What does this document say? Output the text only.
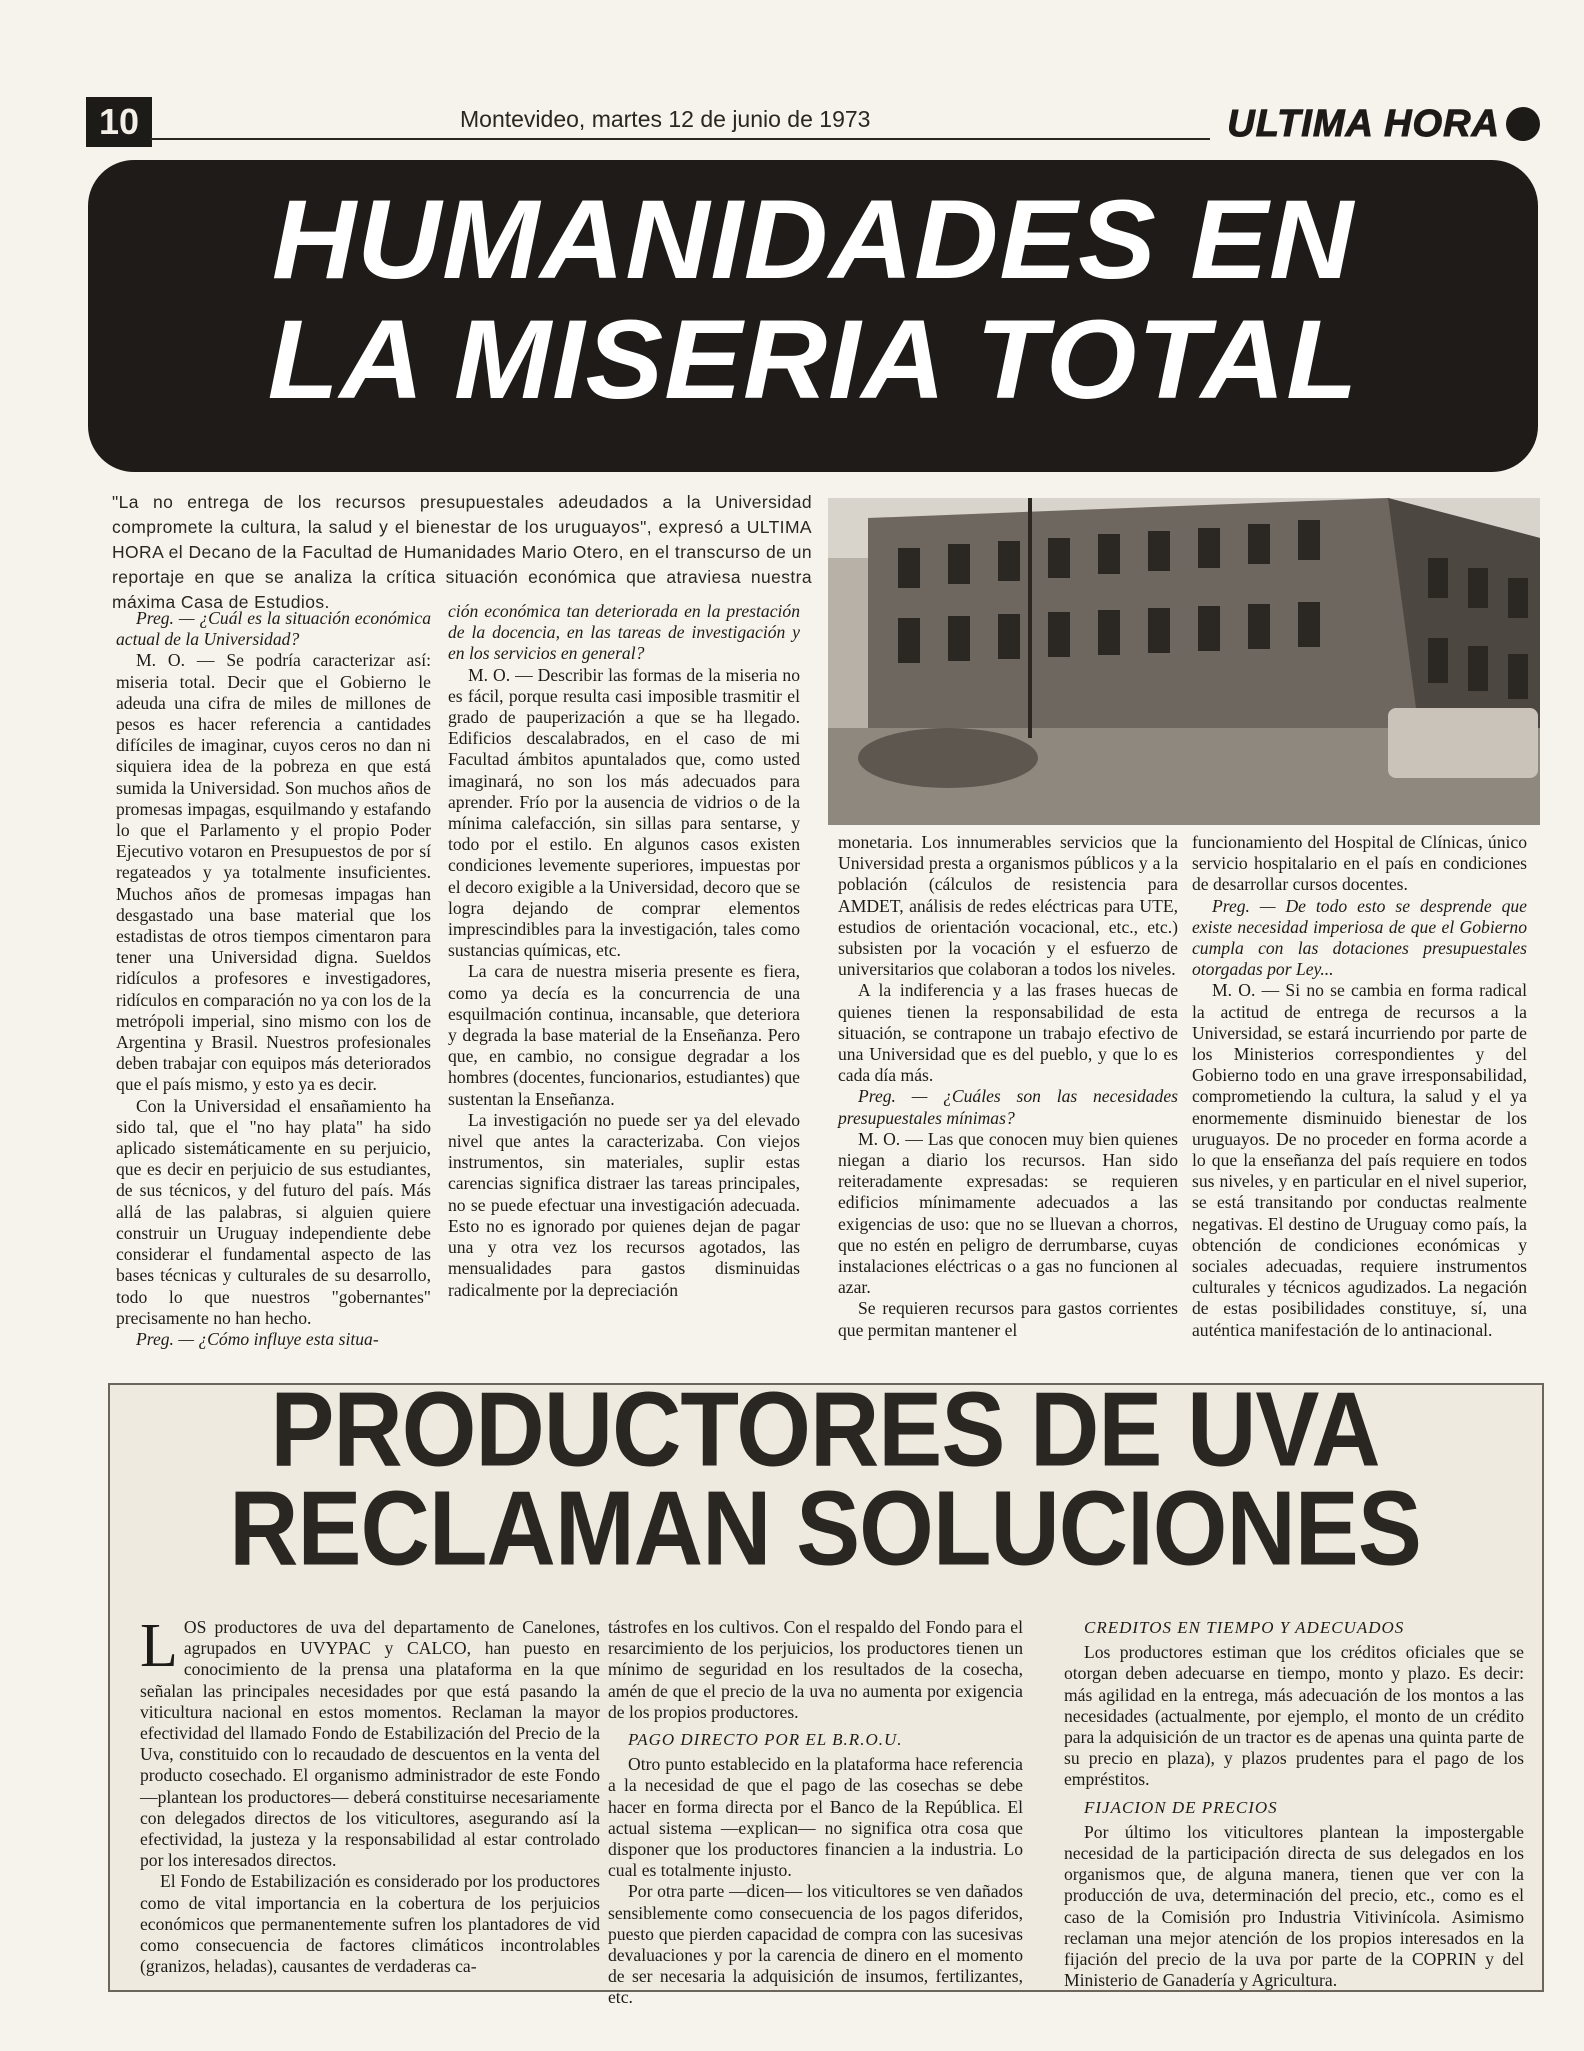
10	Montevideo, martes 12 de junio de 1973	ULTIMA HORA
HUMANIDADES EN
LA MISERIA TOTAL
"La no entrega de los recursos presupuestales adeudados a la Universidad compromete la cultura, la salud y el bienestar de los uruguayos", expresó a ULTIMA HORA el Decano de la Facultad de Humanidades Mario Otero, en el transcurso de un reportaje en que se analiza la crítica situación económica que atraviesa nuestra máxima Casa de Estudios.

Preg. — ¿Cuál es la situación económica actual de la Universidad?

M. O. — Se podría caracterizar así: miseria total. Decir que el Gobierno le adeuda una cifra de miles de millones de pesos es hacer referencia a cantidades difíciles de imaginar, cuyos ceros no dan ni siquiera idea de la pobreza en que está sumida la Universidad. Son muchos años de promesas impagas, esquilmando y estafando lo que el Parlamento y el propio Poder Ejecutivo votaron en Presupuestos de por sí regateados y ya totalmente insuficientes. Muchos años de promesas impagas han desgastado una base material que los estadistas de otros tiempos cimentaron para tener una Universidad digna. Sueldos ridículos a profesores e investigadores, ridículos en comparación no ya con los de la metrópoli imperial, sino mismo con los de Argentina y Brasil. Nuestros profesionales deben trabajar con equipos más deteriorados que el país mismo, y esto ya es decir.

Con la Universidad el ensañamiento ha sido tal, que el "no hay plata" ha sido aplicado sistemáticamente en su perjuicio, que es decir en perjuicio de sus estudiantes, de sus técnicos, y del futuro del país. Más allá de las palabras, si alguien quiere construir un Uruguay independiente debe considerar el fundamental aspecto de las bases técnicas y culturales de su desarrollo, todo lo que nuestros "gobernantes" precisamente no han hecho.

Preg. — ¿Cómo influye esta situa-

ción económica tan deteriorada en la prestación de la docencia, en las tareas de investigación y en los servicios en general?

M. O. — Describir las formas de la miseria no es fácil, porque resulta casi imposible trasmitir el grado de pauperización a que se ha llegado. Edificios descalabrados, en el caso de mi Facultad ámbitos apuntalados que, como usted imaginará, no son los más adecuados para aprender. Frío por la ausencia de vidrios o de la mínima calefacción, sin sillas para sentarse, y todo por el estilo. En algunos casos existen condiciones levemente superiores, impuestas por el decoro exigible a la Universidad, decoro que se logra dejando de comprar elementos imprescindibles para la investigación, tales como sustancias químicas, etc.

La cara de nuestra miseria presente es fiera, como ya decía es la concurrencia de una esquilmación continua, incansable, que deteriora y degrada la base material de la Enseñanza. Pero que, en cambio, no consigue degradar a los hombres (docentes, funcionarios, estudiantes) que sustentan la Enseñanza.

La investigación no puede ser ya del elevado nivel que antes la caracterizaba. Con viejos instrumentos, sin materiales, suplir estas carencias significa distraer las tareas principales, no se puede efectuar una investigación adecuada. Esto no es ignorado por quienes dejan de pagar una y otra vez los recursos agotados, las mensualidades para gastos disminuidas radicalmente por la depreciación

monetaria. Los innumerables servicios que la Universidad presta a organismos públicos y a la población (cálculos de resistencia para AMDET, análisis de redes eléctricas para UTE, estudios de orientación vocacional, etc., etc.) subsisten por la vocación y el esfuerzo de universitarios que colaboran a todos los niveles.

A la indiferencia y a las frases huecas de quienes tienen la responsabilidad de esta situación, se contrapone un trabajo efectivo de una Universidad que es del pueblo, y que lo es cada día más.

Preg. — ¿Cuáles son las necesidades presupuestales mínimas?

M. O. — Las que conocen muy bien quienes niegan a diario los recursos. Han sido reiteradamente expresadas: se requieren edificios mínimamente adecuados a las exigencias de uso: que no se lluevan a chorros, que no estén en peligro de derrumbarse, cuyas instalaciones eléctricas o a gas no funcionen al azar.

Se requieren recursos para gastos corrientes que permitan mantener el

funcionamiento del Hospital de Clínicas, único servicio hospitalario en el país en condiciones de desarrollar cursos docentes.

Preg. — De todo esto se desprende que existe necesidad imperiosa de que el Gobierno cumpla con las dotaciones presupuestales otorgadas por Ley...

M. O. — Si no se cambia en forma radical la actitud de entrega de recursos a la Universidad, se estará incurriendo por parte de los Ministerios correspondientes y del Gobierno todo en una grave irresponsabilidad, comprometiendo la cultura, la salud y el ya enormemente disminuido bienestar de los uruguayos. De no proceder en forma acorde a lo que la enseñanza del país requiere en todos sus niveles, y en particular en el nivel superior, se está transitando por conductas realmente negativas. El destino de Uruguay como país, la obtención de condiciones económicas y sociales adecuadas, requiere instrumentos culturales y técnicos agudizados. La negación de estas posibilidades constituye, sí, una auténtica manifestación de lo antinacional.

PRODUCTORES DE UVA
RECLAMAN SOLUCIONES

LOS productores de uva del departamento de Canelones, agrupados en UVYPAC y CALCO, han puesto en conocimiento de la prensa una plataforma en la que señalan las principales necesidades por que está pasando la viticultura nacional en estos momentos. Reclaman la mayor efectividad del llamado Fondo de Estabilización del Precio de la Uva, constituido con lo recaudado de descuentos en la venta del producto cosechado. El organismo administrador de este Fondo —plantean los productores— deberá constituirse necesariamente con delegados directos de los viticultores, asegurando así la efectividad, la justeza y la responsabilidad al estar controlado por los interesados directos.

El Fondo de Estabilización es considerado por los productores como de vital importancia en la cobertura de los perjuicios económicos que permanentemente sufren los plantadores de vid como consecuencia de factores climáticos incontrolables (granizos, heladas), causantes de verdaderas ca-

tástrofes en los cultivos. Con el respaldo del Fondo para el resarcimiento de los perjuicios, los productores tienen un mínimo de seguridad en los resultados de la cosecha, amén de que el precio de la uva no aumenta por exigencia de los propios productores.

PAGO DIRECTO POR EL B.R.O.U.

Otro punto establecido en la plataforma hace referencia a la necesidad de que el pago de las cosechas se debe hacer en forma directa por el Banco de la República. El actual sistema —explican— no significa otra cosa que disponer que los productores financien a la industria. Lo cual es totalmente injusto.

Por otra parte —dicen— los viticultores se ven dañados sensiblemente como consecuencia de los pagos diferidos, puesto que pierden capacidad de compra con las sucesivas devaluaciones y por la carencia de dinero en el momento de ser necesaria la adquisición de insumos, fertilizantes, etc.

CREDITOS EN TIEMPO Y ADECUADOS

Los productores estiman que los créditos oficiales que se otorgan deben adecuarse en tiempo, monto y plazo. Es decir: más agilidad en la entrega, más adecuación de los montos a las necesidades (actualmente, por ejemplo, el monto de un crédito para la adquisición de un tractor es de apenas una quinta parte de su precio en plaza), y plazos prudentes para el pago de los empréstitos.

FIJACION DE PRECIOS

Por último los viticultores plantean la impostergable necesidad de la participación directa de sus delegados en los organismos que, de alguna manera, tienen que ver con la producción de uva, determinación del precio, etc., como es el caso de la Comisión pro Industria Vitivinícola. Asimismo reclaman una mejor atención de los propios interesados en la fijación del precio de la uva por parte de la COPRIN y del Ministerio de Ganadería y Agricultura.
